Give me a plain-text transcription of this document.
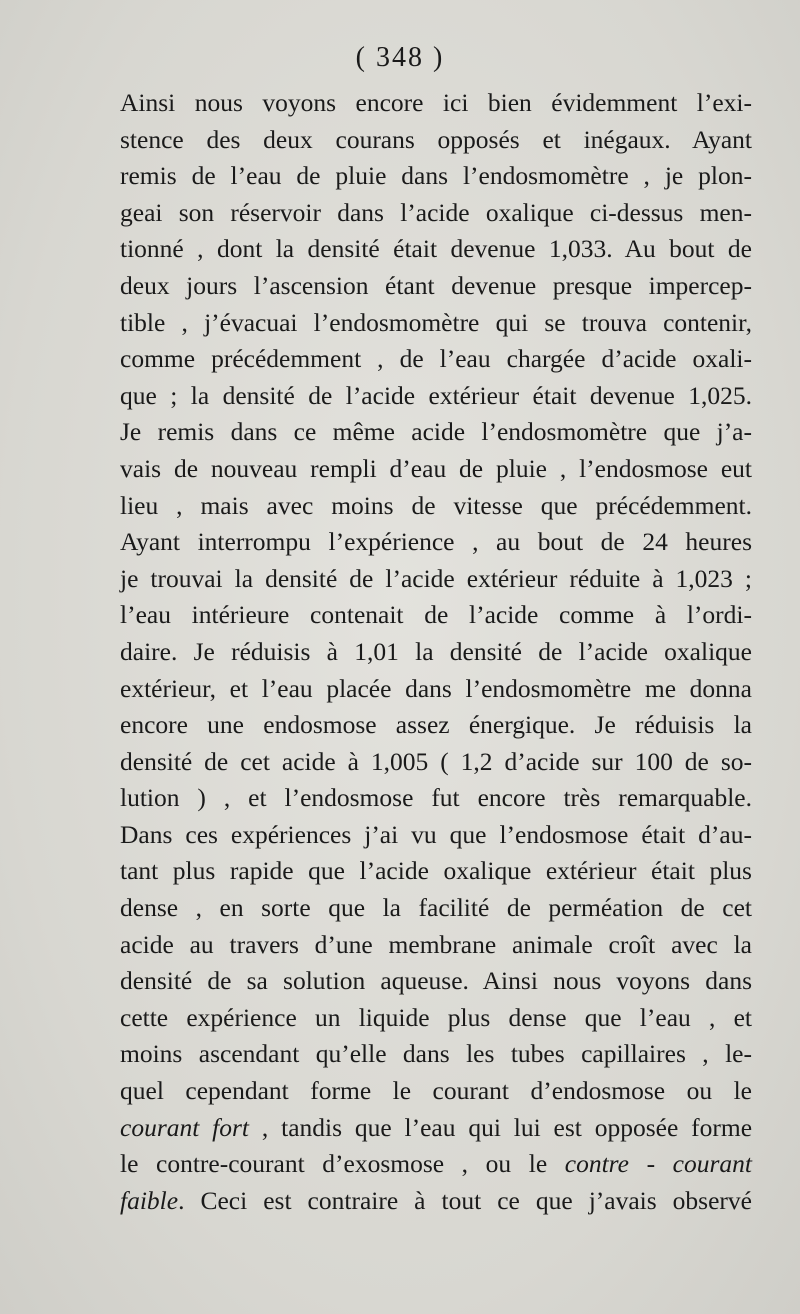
( 348 )
Ainsi nous voyons encore ici bien évidemment l’exi-
stence des deux courans opposés et inégaux. Ayant
remis de l’eau de pluie dans l’endosmomètre , je plon-
geai son réservoir dans l’acide oxalique ci-dessus men-
tionné , dont la densité était devenue 1,033. Au bout de
deux jours l’ascension étant devenue presque impercep-
tible , j’évacuai l’endosmomètre qui se trouva contenir,
comme précédemment , de l’eau chargée d’acide oxali-
que ; la densité de l’acide extérieur était devenue 1,025.
Je remis dans ce même acide l’endosmomètre que j’a-
vais de nouveau rempli d’eau de pluie , l’endosmose eut
lieu , mais avec moins de vitesse que précédemment.
Ayant interrompu l’expérience , au bout de 24 heures
je trouvai la densité de l’acide extérieur réduite à 1,023 ;
l’eau intérieure contenait de l’acide comme à l’ordi-
daire. Je réduisis à 1,01 la densité de l’acide oxalique
extérieur, et l’eau placée dans l’endosmomètre me donna
encore une endosmose assez énergique. Je réduisis la
densité de cet acide à 1,005 ( 1,2 d’acide sur 100 de so-
lution ) , et l’endosmose fut encore très remarquable.
Dans ces expériences j’ai vu que l’endosmose était d’au-
tant plus rapide que l’acide oxalique extérieur était plus
dense , en sorte que la facilité de perméation de cet
acide au travers d’une membrane animale croît avec la
densité de sa solution aqueuse. Ainsi nous voyons dans
cette expérience un liquide plus dense que l’eau , et
moins ascendant qu’elle dans les tubes capillaires , le-
quel cependant forme le courant d’endosmose ou le
courant fort , tandis que l’eau qui lui est opposée forme
le contre-courant d’exosmose , ou le contre - courant
faible. Ceci est contraire à tout ce que j’avais observé
